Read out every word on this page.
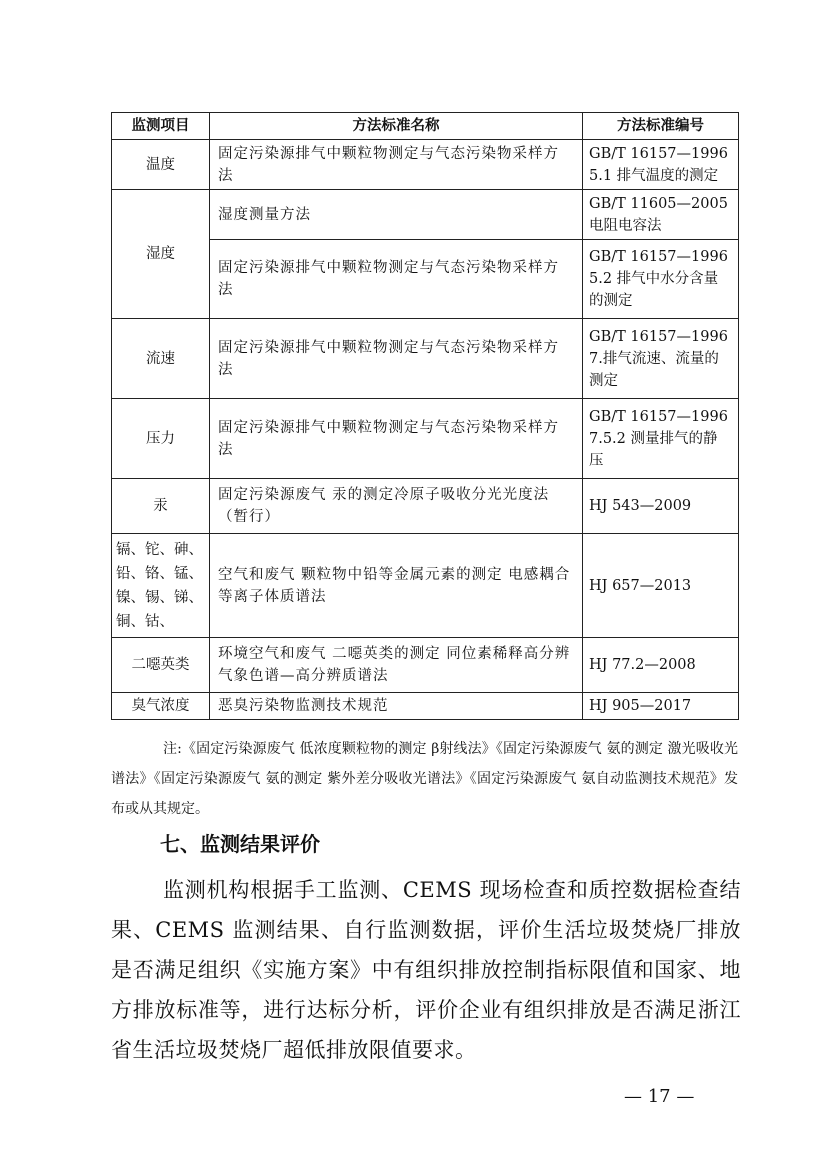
监测项目	方法标准名称	方法标准编号
温度	固定污染源排气中颗粒物测定与气态污染物采样方法	GB/T 16157—1996
5.1 排气温度的测定

湿度	湿度测量方法	GB/T 11605—2005
电阻电容法

	固定污染源排气中颗粒物测定与气态污染物采样方法	GB/T 16157—1996
5.2 排气中水分含量
的测定

流速	固定污染源排气中颗粒物测定与气态污染物采样方法	GB/T 16157—1996
7.排气流速、流量的
测定

压力	固定污染源排气中颗粒物测定与气态污染物采样方法	GB/T 16157—1996
7.5.2 测量排气的静
压

汞	固定污染源废气 汞的测定冷原子吸收分光光度法（暂行）	HJ 543—2009

镉、铊、砷、铅、铬、锰、镍、锡、锑、铜、钴、	空气和废气 颗粒物中铅等金属元素的测定 电感耦合等离子体质谱法	HJ 657—2013

二噁英类	环境空气和废气 二噁英类的测定 同位素稀释高分辨气象色谱—高分辨质谱法	HJ 77.2—2008

臭气浓度	恶臭污染物监测技术规范	HJ 905—2017
注:《固定污染源废气 低浓度颗粒物的测定 β射线法》《固定污染源废气 氨的测定 激光吸收光谱法》《固定污染源废气 氨的测定 紫外差分吸收光谱法》《固定污染源废气 氨自动监测技术规范》发布或从其规定。
七、监测结果评价
监测机构根据手工监测、CEMS 现场检查和质控数据检查结果、CEMS 监测结果、自行监测数据，评价生活垃圾焚烧厂排放是否满足组织《实施方案》中有组织排放控制指标限值和国家、地方排放标准等，进行达标分析，评价企业有组织排放是否满足浙江省生活垃圾焚烧厂超低排放限值要求。
— 17 —
